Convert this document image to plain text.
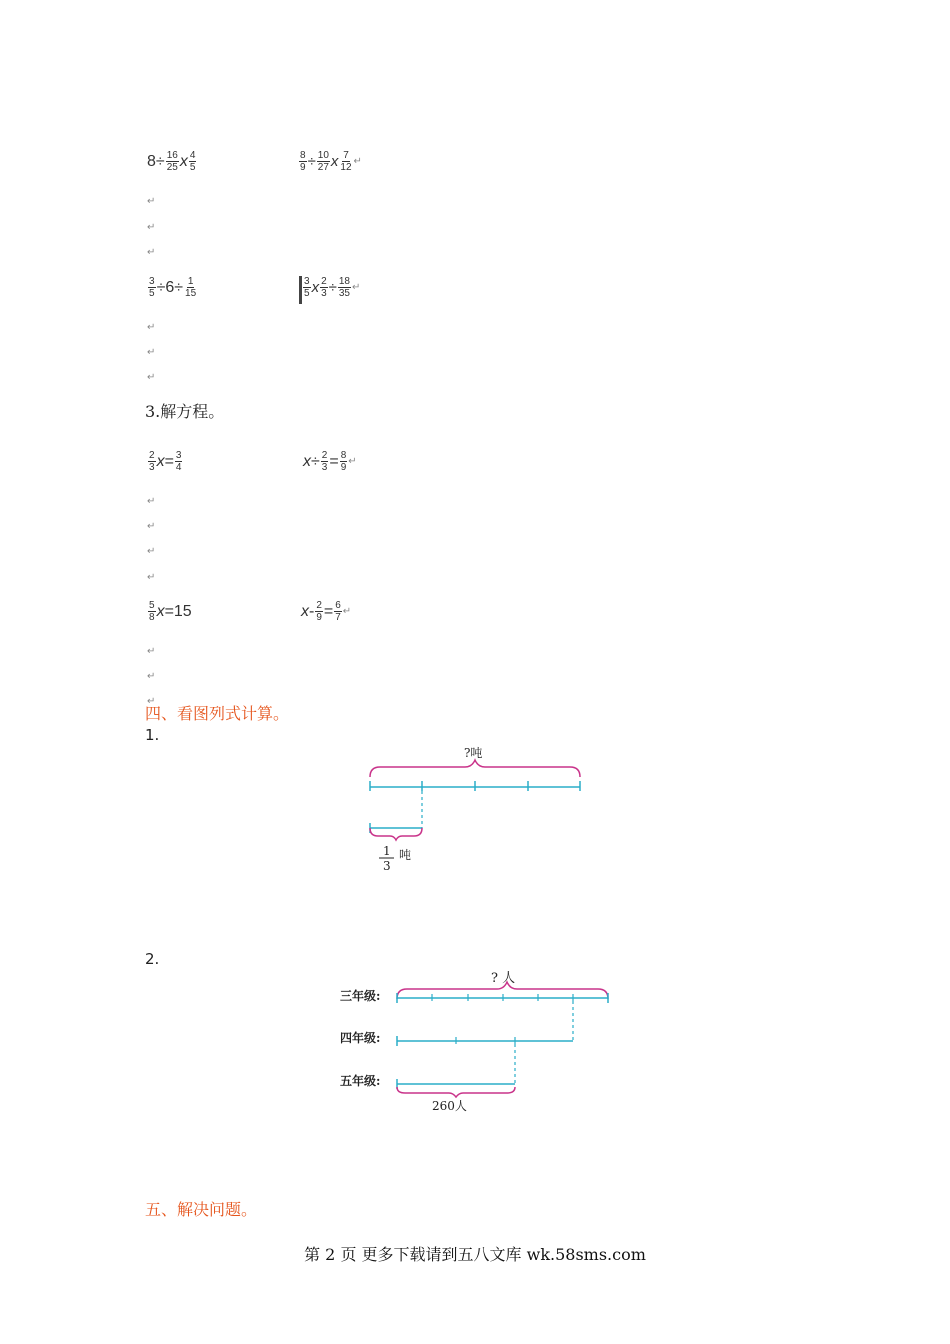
$8 \div \frac{16}{25}$ x $\frac{4}{5}$	$\frac{8}{9} \div \frac{10}{27}$ x $\frac{7}{12}$ ↵
↵
↵
↵
$\frac{3}{5} \div 6 \div \frac{1}{15}$	$\frac{3}{5}$ x $\frac{2}{3} \div \frac{18}{35}$ ↵
↵
↵
↵
3.解方程。
$\frac{2}{3}$ $x = \frac{3}{4}$	$x \div \frac{2}{3} = \frac{8}{9}$ ↵
↵
↵
↵
↵
$\frac{5}{8}$ x =15	$x - \frac{2}{9} = \frac{6}{7}$ ↵
↵
↵
↵
四、看图列式计算。
1.
?吨
1
3
吨
2.
? 人
三年级:
四年级:
五年级:
260人
五、解决问题。
第 2 页 更多下载请到五八文库 wk.58sms.com
